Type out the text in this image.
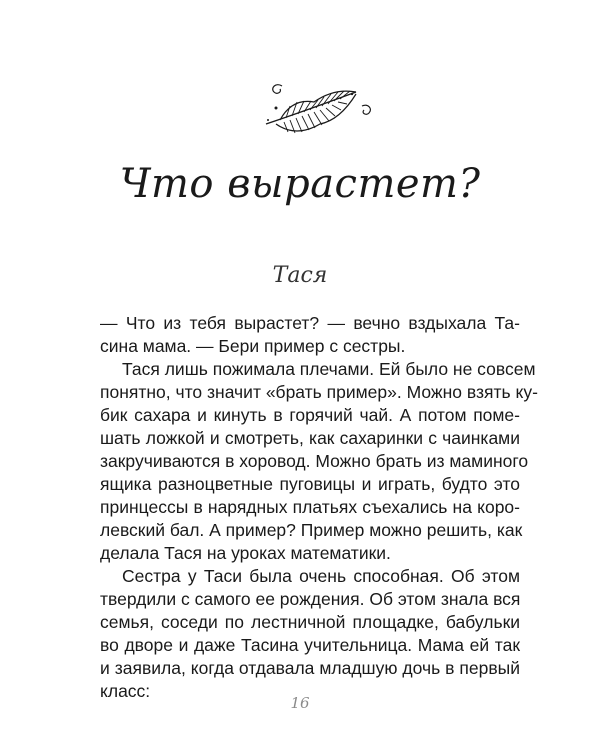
Что вырастет?
Тася
— Что из тебя вырастет? — вечно вздыхала Та-
сина мама. — Бери пример с сестры.
Тася лишь пожимала плечами. Ей было не совсем
понятно, что значит «брать пример». Можно взять ку-
бик сахара и кинуть в горячий чай. А потом поме-
шать ложкой и смотреть, как сахаринки с чаинками
закручиваются в хоровод. Можно брать из маминого
ящика разноцветные пуговицы и играть, будто это
принцессы в нарядных платьях съехались на коро-
левский бал. А пример? Пример можно решить, как
делала Тася на уроках математики.
Сестра у Таси была очень способная. Об этом
твердили с самого ее рождения. Об этом знала вся
семья, соседи по лестничной площадке, бабульки
во дворе и даже Тасина учительница. Мама ей так
и заявила, когда отдавала младшую дочь в первый
класс:
16
